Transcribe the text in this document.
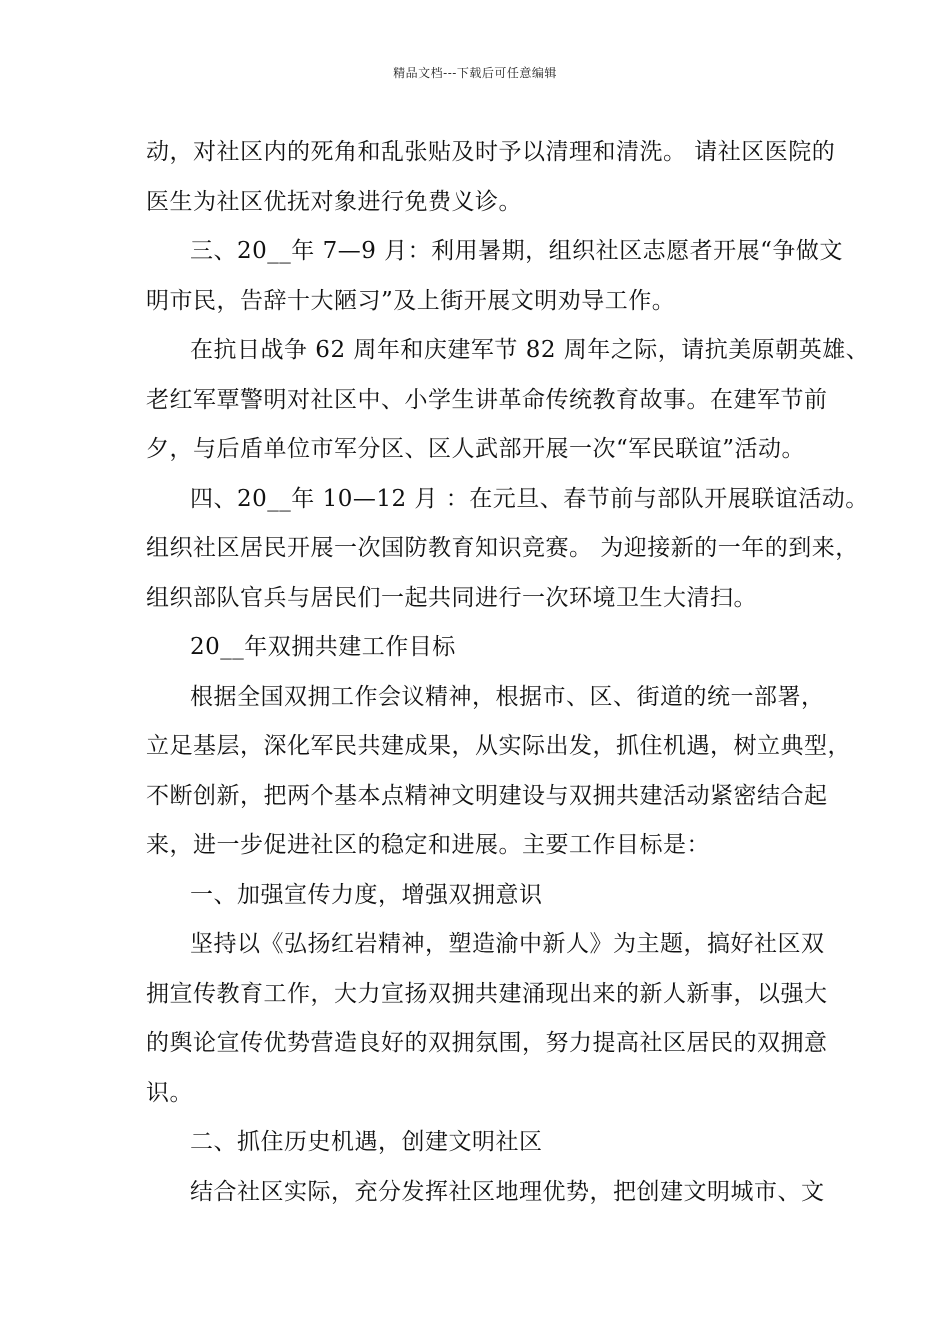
精品文档---下载后可任意编辑
动，对社区内的死角和乱张贴及时予以清理和清洗。 请社区医院的
医生为社区优抚对象进行免费义诊。
三、20__年 7—9 月：利用暑期，组织社区志愿者开展“争做文
明市民，告辞十大陋习”及上街开展文明劝导工作。
在抗日战争 62 周年和庆建军节 82 周年之际，请抗美原朝英雄、
老红军覃警明对社区中、小学生讲革命传统教育故事。在建军节前
夕，与后盾单位市军分区、区人武部开展一次“军民联谊”活动。
四、20__年 10—12 月 ：在元旦、春节前与部队开展联谊活动。
组织社区居民开展一次国防教育知识竞赛。 为迎接新的一年的到来，
组织部队官兵与居民们一起共同进行一次环境卫生大清扫。
20__年双拥共建工作目标
根据全国双拥工作会议精神，根据市、区、街道的统一部署，
立足基层，深化军民共建成果，从实际出发，抓住机遇，树立典型，
不断创新，把两个基本点精神文明建设与双拥共建活动紧密结合起
来，进一步促进社区的稳定和进展。主要工作目标是：
一、加强宣传力度，增强双拥意识
坚持以《弘扬红岩精神，塑造渝中新人》为主题，搞好社区双
拥宣传教育工作，大力宣扬双拥共建涌现出来的新人新事，以强大
的舆论宣传优势营造良好的双拥氛围，努力提高社区居民的双拥意
识。
二、抓住历史机遇，创建文明社区
结合社区实际，充分发挥社区地理优势，把创建文明城市、文
